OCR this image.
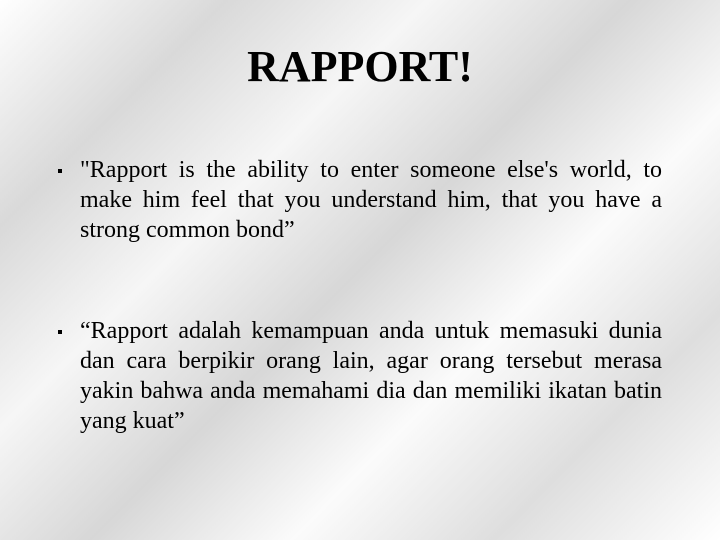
RAPPORT!
"Rapport is the ability to enter someone else's world, to make him feel that you understand him, that you have a strong common bond”
“Rapport adalah kemampuan anda untuk memasuki dunia dan cara berpikir orang lain, agar orang tersebut merasa yakin bahwa anda memahami dia dan memiliki ikatan batin yang kuat”
